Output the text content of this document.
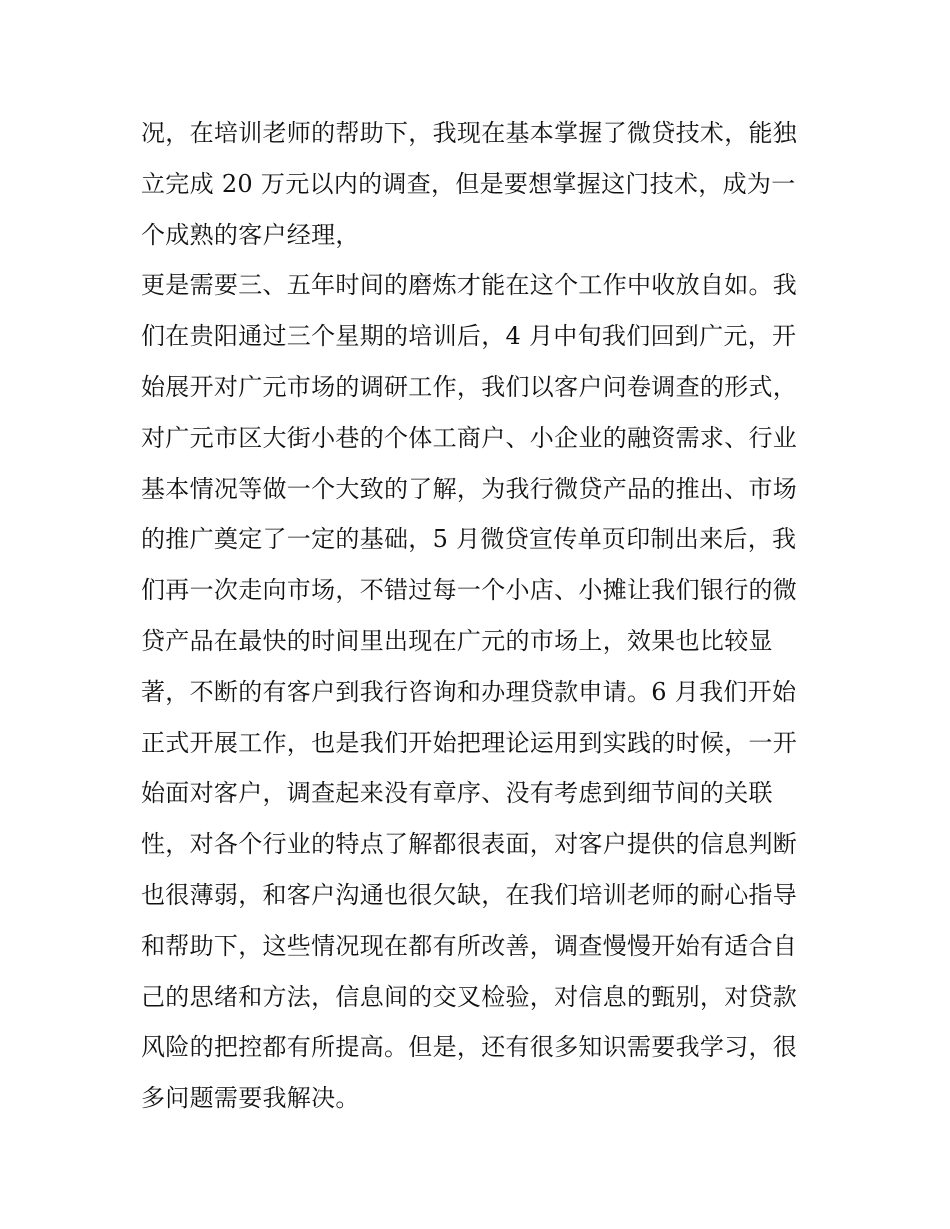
况，在培训老师的帮助下，我现在基本掌握了微贷技术，能独
立完成 20 万元以内的调查，但是要想掌握这门技术，成为一
个成熟的客户经理，
更是需要三、五年时间的磨炼才能在这个工作中收放自如。我
们在贵阳通过三个星期的培训后，4 月中旬我们回到广元，开
始展开对广元市场的调研工作，我们以客户问卷调查的形式，
对广元市区大街小巷的个体工商户、小企业的融资需求、行业
基本情况等做一个大致的了解，为我行微贷产品的推出、市场
的推广奠定了一定的基础，5 月微贷宣传单页印制出来后，我
们再一次走向市场，不错过每一个小店、小摊让我们银行的微
贷产品在最快的时间里出现在广元的市场上，效果也比较显
著，不断的有客户到我行咨询和办理贷款申请。6 月我们开始
正式开展工作，也是我们开始把理论运用到实践的时候，一开
始面对客户，调查起来没有章序、没有考虑到细节间的关联
性，对各个行业的特点了解都很表面，对客户提供的信息判断
也很薄弱，和客户沟通也很欠缺，在我们培训老师的耐心指导
和帮助下，这些情况现在都有所改善，调查慢慢开始有适合自
己的思绪和方法，信息间的交叉检验，对信息的甄别，对贷款
风险的把控都有所提高。但是，还有很多知识需要我学习，很
多问题需要我解决。
